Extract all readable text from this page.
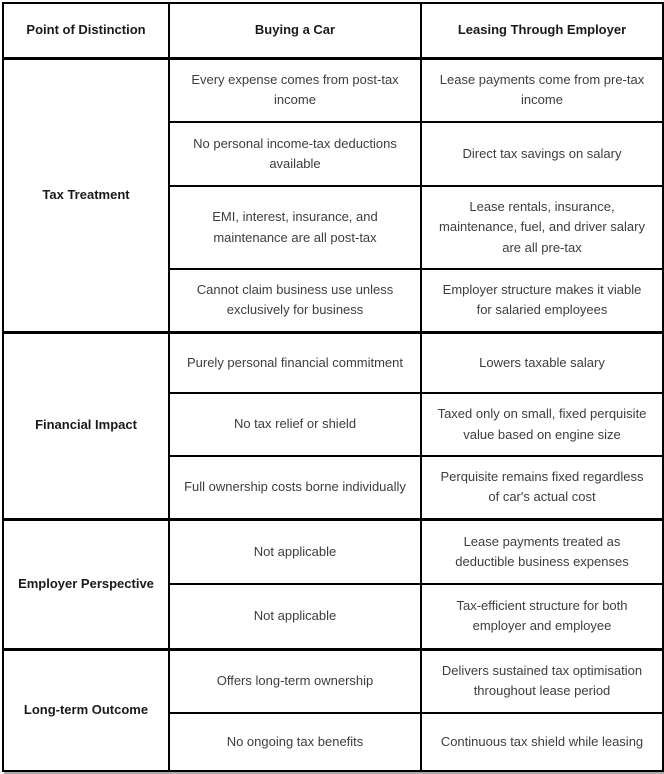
Point of Distinction	Buying a Car	Leasing Through Employer
Tax Treatment	Every expense comes from post-tax income	Lease payments come from pre-tax income
	No personal income-tax deductions available	Direct tax savings on salary
	EMI, interest, insurance, and maintenance are all post-tax	Lease rentals, insurance, maintenance, fuel, and driver salary are all pre-tax
	Cannot claim business use unless exclusively for business	Employer structure makes it viable for salaried employees
Financial Impact	Purely personal financial commitment	Lowers taxable salary
	No tax relief or shield	Taxed only on small, fixed perquisite value based on engine size
	Full ownership costs borne individually	Perquisite remains fixed regardless of car's actual cost
Employer Perspective	Not applicable	Lease payments treated as deductible business expenses
	Not applicable	Tax-efficient structure for both employer and employee
Long-term Outcome	Offers long-term ownership	Delivers sustained tax optimisation throughout lease period
	No ongoing tax benefits	Continuous tax shield while leasing
